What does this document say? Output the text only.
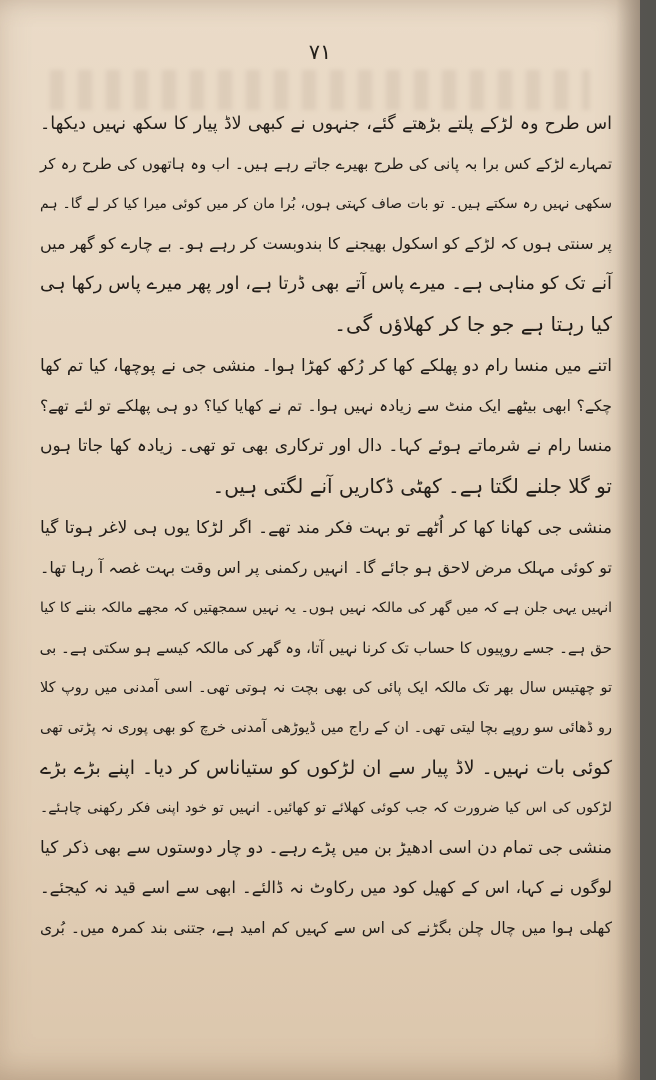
۷۱
اس طرح وہ لڑکے پلتے بڑھتے گئے، جنہوں نے کبھی لاڈ پیار کا سکھ نہیں دیکھا۔
تمہارے لڑکے کس برا بہ پانی کی طرح بھیرے جاتے رہے ہیں۔ اب وہ ہاتھوں کی طرح رہ کر
سکھی نہیں رہ سکتے ہیں۔ تو بات صاف کہتی ہوں، بُرا مان کر میں کوئی میرا کیا کر لے گا۔ ہم
پر سنتی ہوں کہ لڑکے کو اسکول بھیجنے کا بندوبست کر رہے ہو۔ بے چارے کو گھر میں
آنے تک کو مناہی ہے۔ میرے پاس آتے بھی ڈرتا ہے، اور پھر میرے پاس رکھا ہی
کیا رہتا ہے جو جا کر کھلاؤں گی۔
اتنے میں منسا رام دو پھلکے کھا کر رُکھ کھڑا ہوا۔ منشی جی نے پوچھا، کیا تم کھا
چکے؟ ابھی بیٹھے ایک منٹ سے زیادہ نہیں ہوا۔ تم نے کھایا کیا؟ دو ہی پھلکے تو لئے تھے؟
منسا رام نے شرماتے ہوئے کہا۔ دال اور ترکاری بھی تو تھی۔ زیادہ کھا جاتا ہوں
تو گلا جلنے لگتا ہے۔ کھٹی ڈکاریں آنے لگتی ہیں۔
منشی جی کھانا کھا کر اُٹھے تو بہت فکر مند تھے۔ اگر لڑکا یوں ہی لاغر ہوتا گیا
تو کوئی مہلک مرض لاحق ہو جائے گا۔ انہیں رکمنی پر اس وقت بہت غصہ آ رہا تھا۔
انہیں یہی جلن ہے کہ میں گھر کی مالکہ نہیں ہوں۔ یہ نہیں سمجھتیں کہ مجھے مالکہ بننے کا کیا
حق ہے۔ جسے روپیوں کا حساب تک کرنا نہیں آتا، وہ گھر کی مالکہ کیسے ہو سکتی ہے۔ بی
تو چھتیس سال بھر تک مالکہ ایک پائی کی بھی بچت نہ ہوتی تھی۔ اسی آمدنی میں روپ کلا
رو ڈھائی سو روپے بچا لیتی تھی۔ ان کے راج میں ڈیوڑھی آمدنی خرچ کو بھی پوری نہ پڑتی تھی
کوئی بات نہیں۔ لاڈ پیار سے ان لڑکوں کو ستیاناس کر دیا۔ اپنے بڑے بڑے
لڑکوں کی اس کیا ضرورت کہ جب کوئی کھلائے تو کھائیں۔ انہیں تو خود اپنی فکر رکھنی چاہئے۔
منشی جی تمام دن اسی ادھیڑ بن میں پڑے رہے۔ دو چار دوستوں سے بھی ذکر کیا
لوگوں نے کہا، اس کے کھیل کود میں رکاوٹ نہ ڈالئے۔ ابھی سے اسے قید نہ کیجئے۔
کھلی ہوا میں چال چلن بگڑنے کی اس سے کہیں کم امید ہے، جتنی بند کمرہ میں۔ بُری
